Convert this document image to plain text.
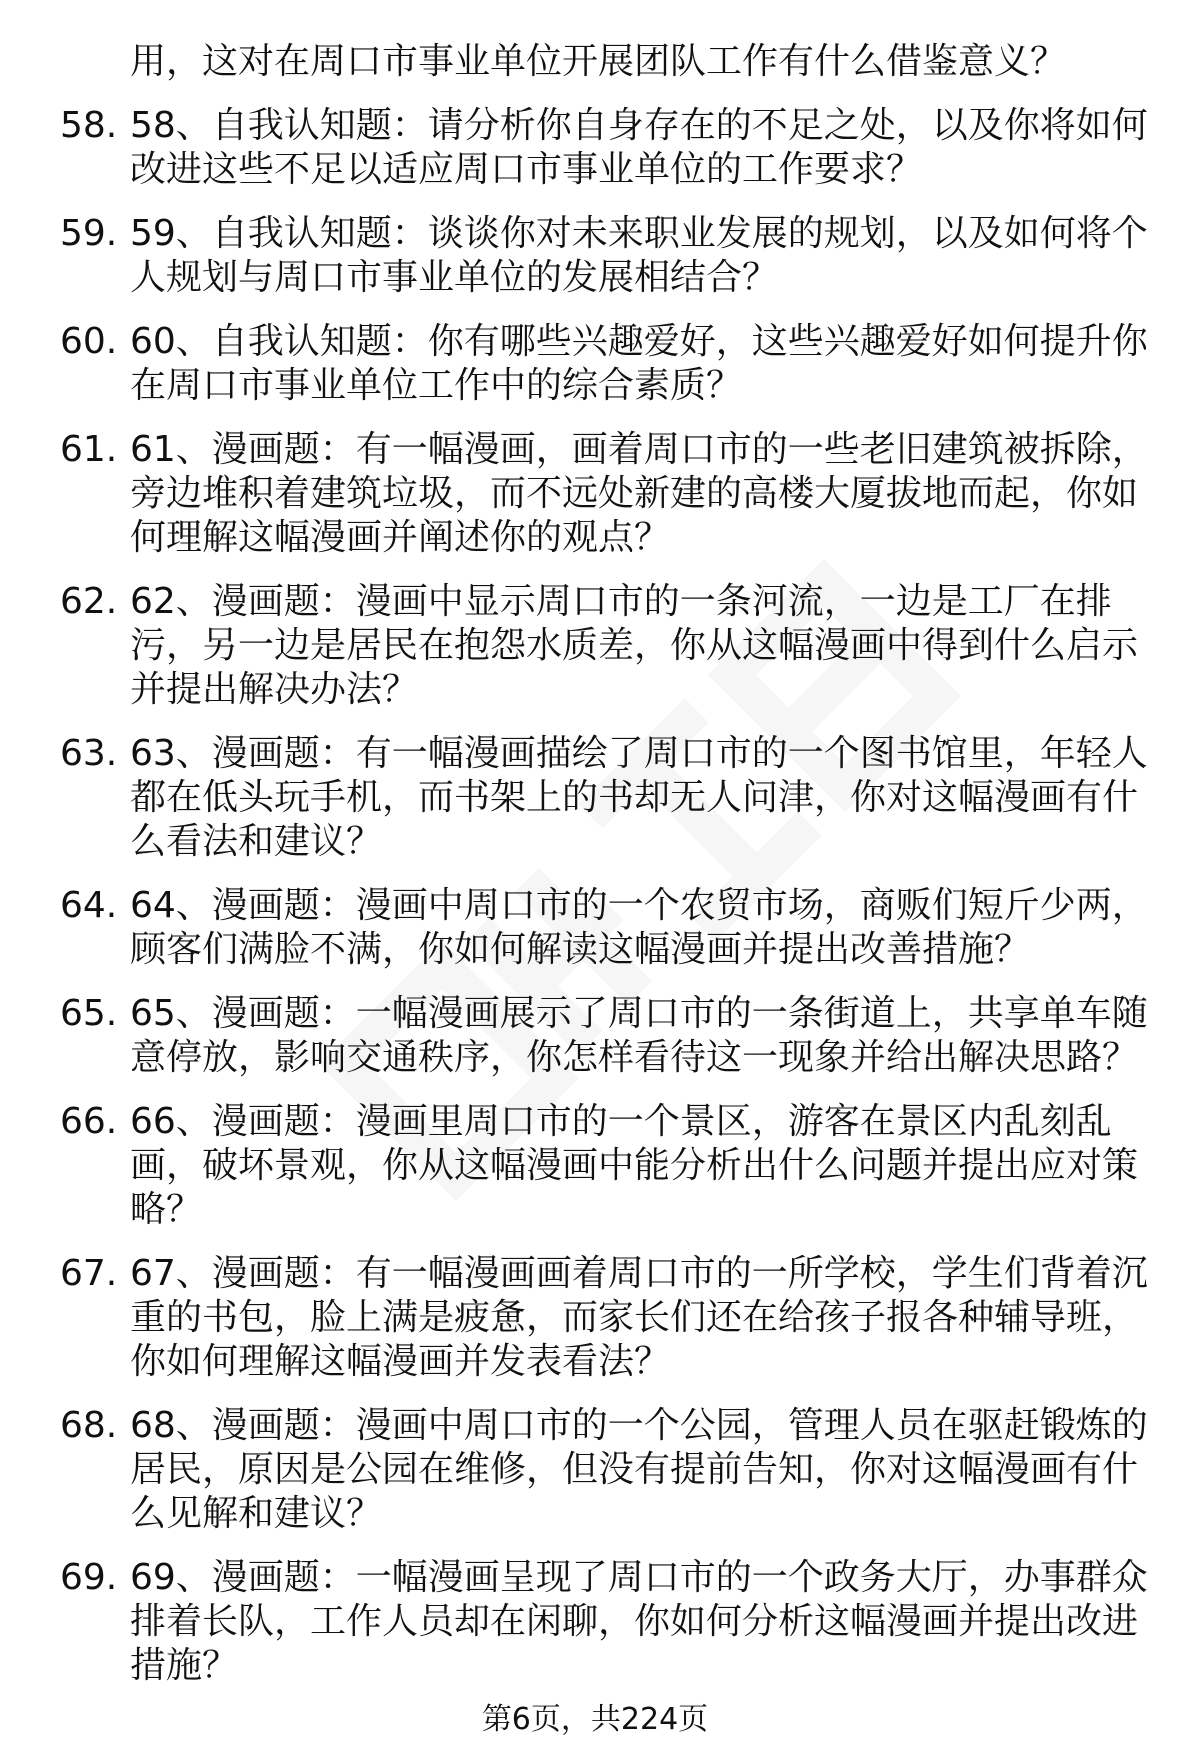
用，这对在周口市事业单位开展团队工作有什么借鉴意义？
58. 58、自我认知题：请分析你自身存在的不足之处，以及你将如何改进这些不足以适应周口市事业单位的工作要求？
59. 59、自我认知题：谈谈你对未来职业发展的规划，以及如何将个人规划与周口市事业单位的发展相结合？
60. 60、自我认知题：你有哪些兴趣爱好，这些兴趣爱好如何提升你在周口市事业单位工作中的综合素质？
61. 61、漫画题：有一幅漫画，画着周口市的一些老旧建筑被拆除，旁边堆积着建筑垃圾，而不远处新建的高楼大厦拔地而起，你如何理解这幅漫画并阐述你的观点？
62. 62、漫画题：漫画中显示周口市的一条河流，一边是工厂在排污，另一边是居民在抱怨水质差，你从这幅漫画中得到什么启示并提出解决办法？
63. 63、漫画题：有一幅漫画描绘了周口市的一个图书馆里，年轻人都在低头玩手机，而书架上的书却无人问津，你对这幅漫画有什么看法和建议？
64. 64、漫画题：漫画中周口市的一个农贸市场，商贩们短斤少两，顾客们满脸不满，你如何解读这幅漫画并提出改善措施？
65. 65、漫画题：一幅漫画展示了周口市的一条街道上，共享单车随意停放，影响交通秩序，你怎样看待这一现象并给出解决思路？
66. 66、漫画题：漫画里周口市的一个景区，游客在景区内乱刻乱画，破坏景观，你从这幅漫画中能分析出什么问题并提出应对策略？
67. 67、漫画题：有一幅漫画画着周口市的一所学校，学生们背着沉重的书包，脸上满是疲惫，而家长们还在给孩子报各种辅导班，你如何理解这幅漫画并发表看法？
68. 68、漫画题：漫画中周口市的一个公园，管理人员在驱赶锻炼的居民，原因是公园在维修，但没有提前告知，你对这幅漫画有什么见解和建议？
69. 69、漫画题：一幅漫画呈现了周口市的一个政务大厅，办事群众排着长队，工作人员却在闲聊，你如何分析这幅漫画并提出改进措施？
第6页，共224页
